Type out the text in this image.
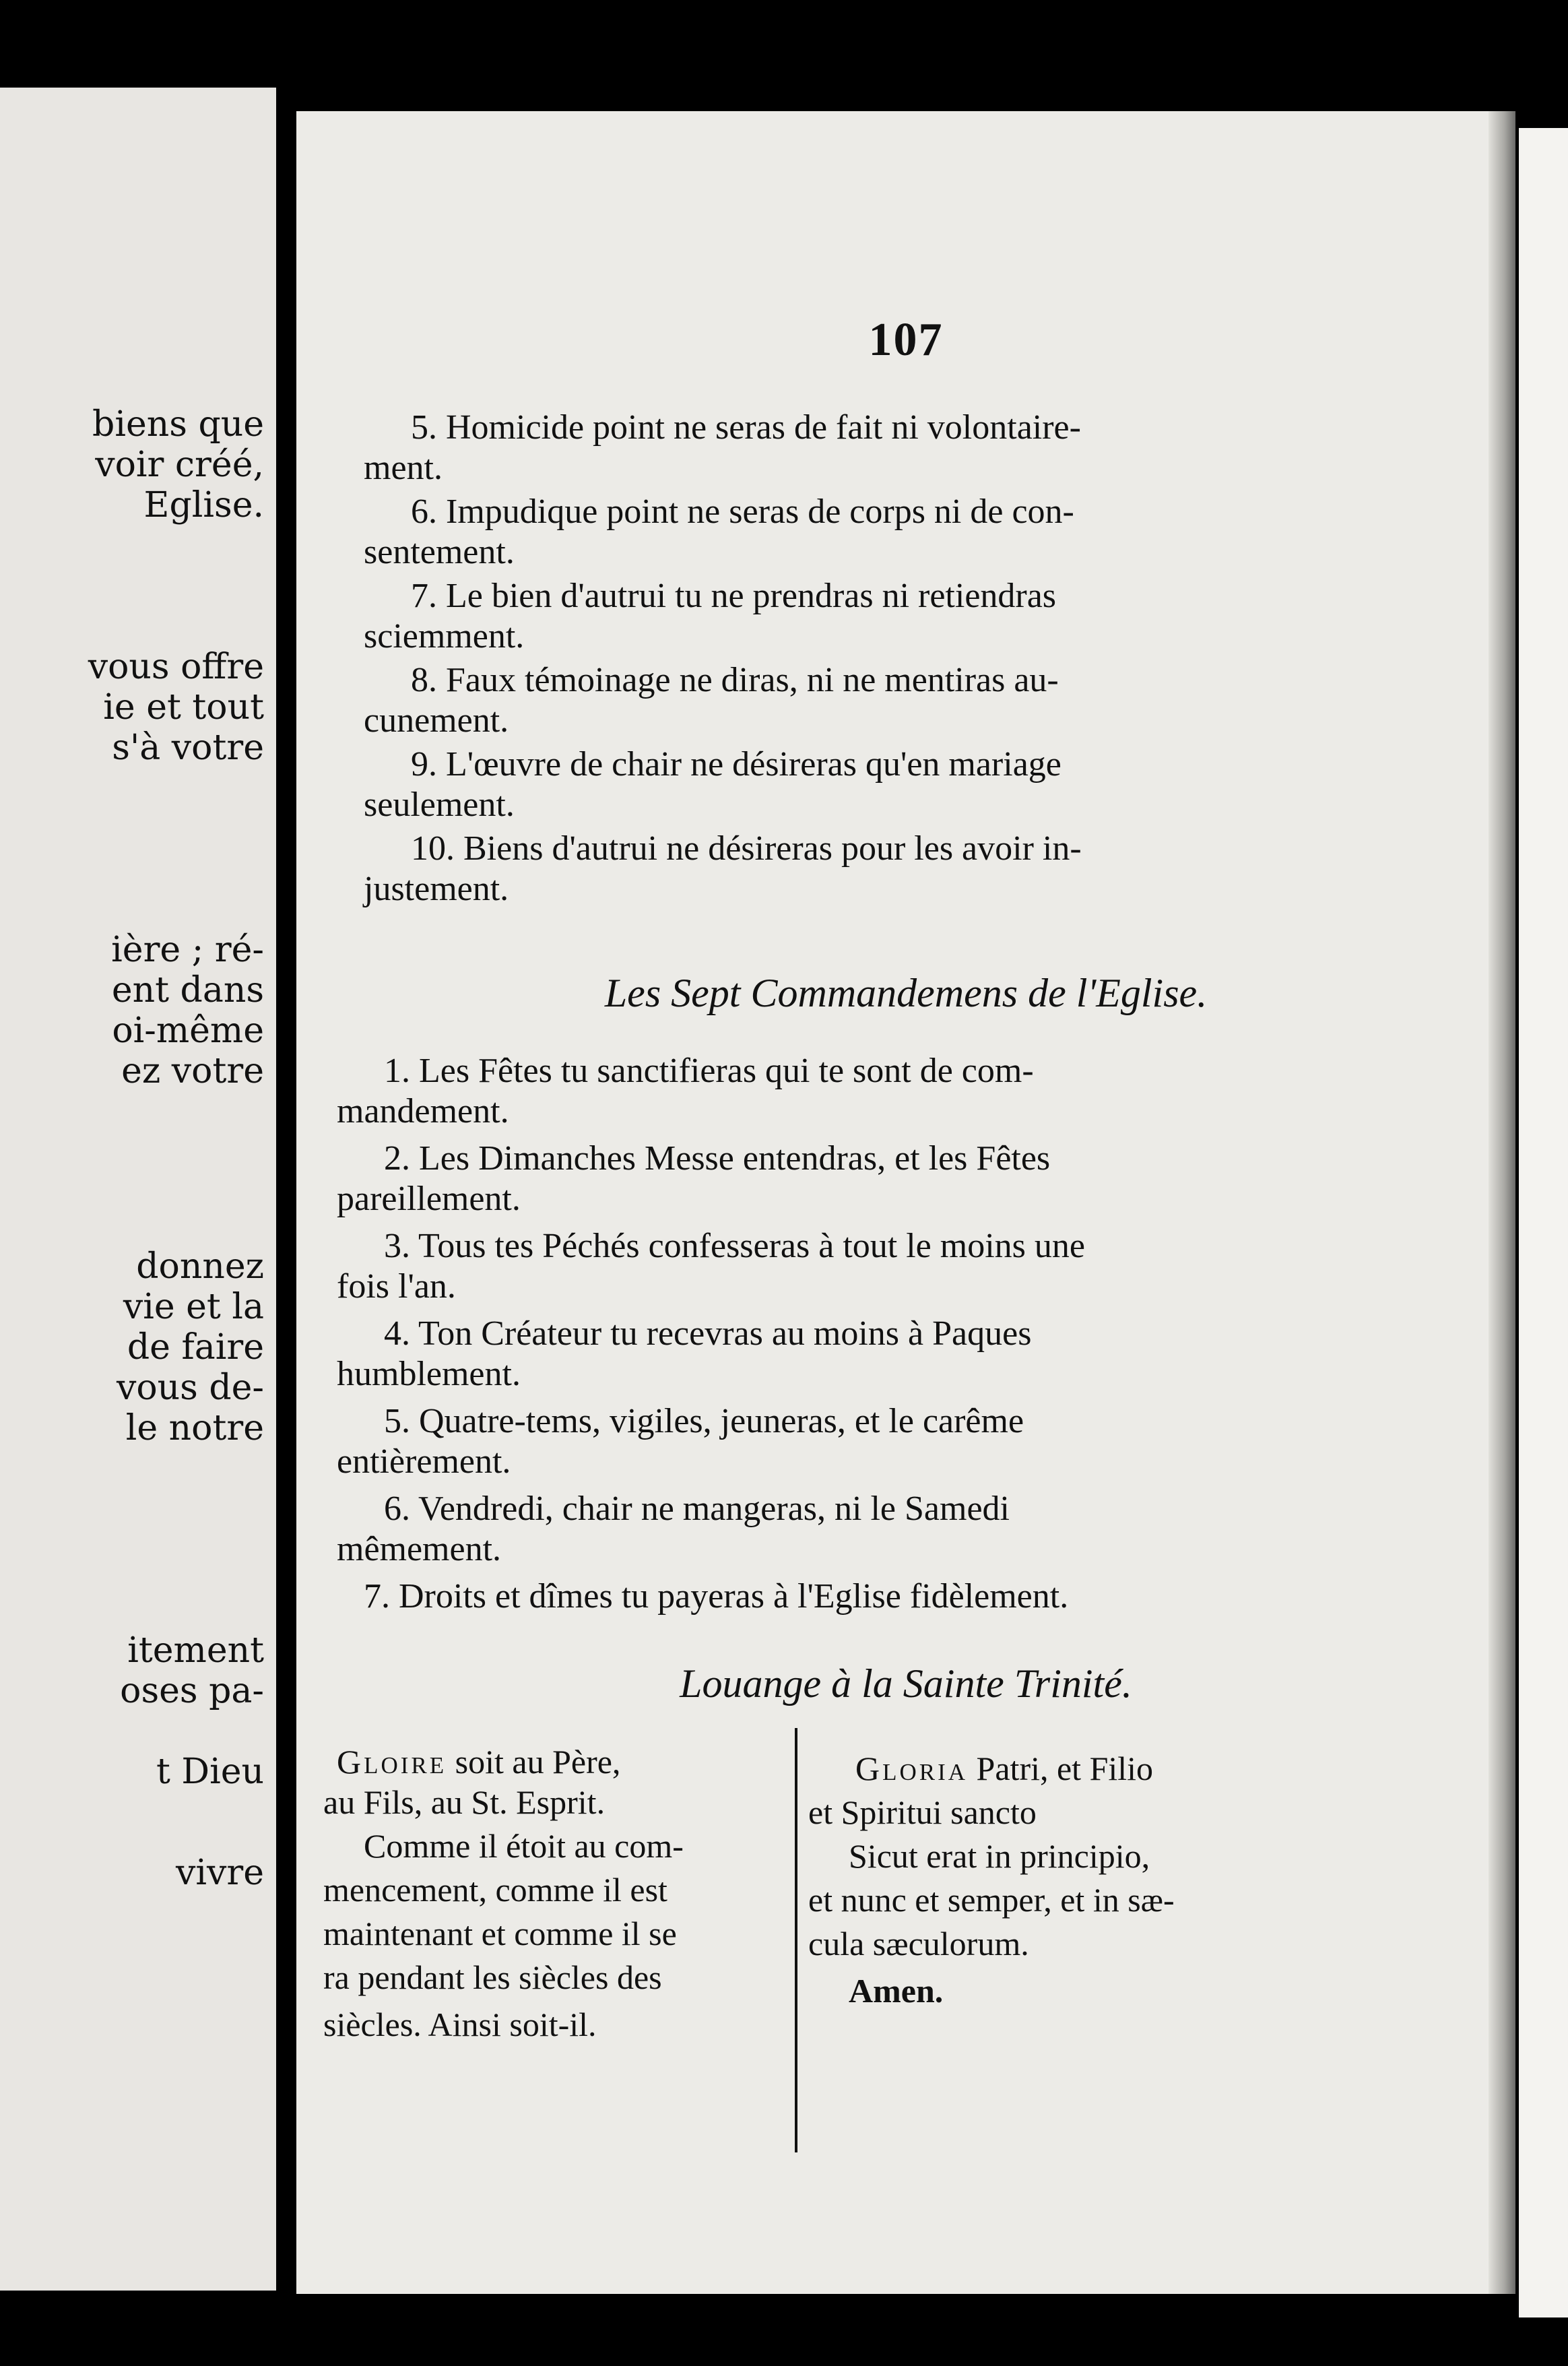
biens que
voir créé,
Eglise.
vous offre
ie et tout
s'à votre
ière ; ré-
ent dans
oi-même
ez votre
donnez
vie et la
de faire
vous de-
le notre
itement
oses pa-
t Dieu
vivre
107
5. Homicide point ne seras de fait ni volontaire-
ment.
6. Impudique point ne seras de corps ni de con-
sentement.
7. Le bien d'autrui tu ne prendras ni retiendras
sciemment.
8. Faux témoinage ne diras, ni ne mentiras au-
cunement.
9. L'œuvre de chair ne désireras qu'en mariage
seulement.
10. Biens d'autrui ne désireras pour les avoir in-
justement.
Les Sept Commandemens de l'Eglise.
1. Les Fêtes tu sanctifieras qui te sont de com-
mandement.
2. Les Dimanches Messe entendras, et les Fêtes
pareillement.
3. Tous tes Péchés confesseras à tout le moins une
fois l'an.
4. Ton Créateur tu recevras au moins à Paques
humblement.
5. Quatre-tems, vigiles, jeuneras, et le carême
entièrement.
6. Vendredi, chair ne mangeras, ni le Samedi
mêmement.
7. Droits et dîmes tu payeras à l'Eglise fidèlement.
Louange à la Sainte Trinité.
Gloire soit au Père,
au Fils, au St. Esprit.
Comme il étoit au com-
mencement, comme il est
maintenant et comme il se
ra pendant les siècles des
siècles. Ainsi soit-il.
Gloria Patri, et Filio
et Spiritui sancto
Sicut erat in principio,
et nunc et semper, et in sæ-
cula sæculorum.
Amen.
